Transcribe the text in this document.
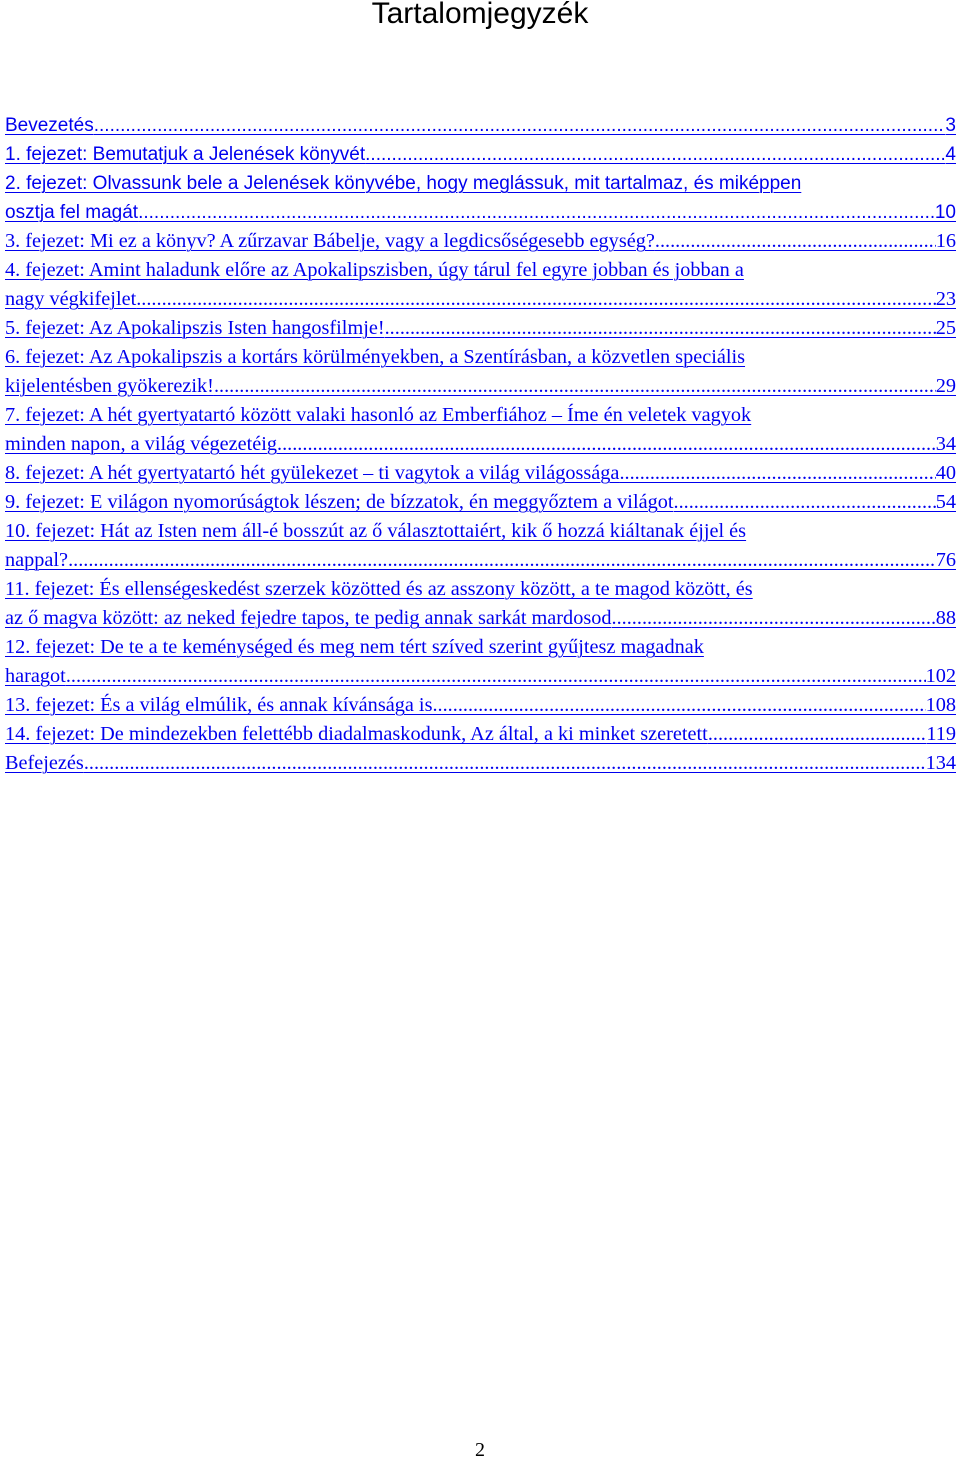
Tartalomjegyzék
Bevezetés .....	3
1. fejezet: Bemutatjuk a Jelenések könyvét .....	4
2. fejezet: Olvassunk bele a Jelenések könyvébe, hogy meglássuk, mit tartalmaz, és miképpen
osztja fel magát .....	10
3. fejezet: Mi ez a könyv? A zűrzavar Bábelje, vagy a legdicsőségesebb egység? .....	16
4. fejezet: Amint haladunk előre az Apokalipszisben, úgy tárul fel egyre jobban és jobban a
nagy végkifejlet .....	23
5. fejezet: Az Apokalipszis Isten hangosfilmje! .....	25
6. fejezet: Az Apokalipszis a kortárs körülményekben, a Szentírásban, a közvetlen speciális
kijelentésben gyökerezik! .....	29
7. fejezet: A hét gyertyatartó között valaki hasonló az Emberfiához – Íme én veletek vagyok
minden napon, a világ végezetéig .....	34
8. fejezet: A hét gyertyatartó hét gyülekezet – ti vagytok a világ világossága .....	40
9. fejezet: E világon nyomorúságtok lészen; de bízzatok, én meggyőztem a világot .....	54
10. fejezet: Hát az Isten nem áll-é bosszút az ő választottaiért, kik ő hozzá kiáltanak éjjel és
nappal? .....	76
11. fejezet: És ellenségeskedést szerzek közötted és az asszony között, a te magod között, és
az ő magva között: az neked fejedre tapos, te pedig annak sarkát mardosod .....	88
12. fejezet: De te a te keménységed és meg nem tért szíved szerint gyűjtesz magadnak
haragot .....	102
13. fejezet: És a világ elmúlik, és annak kívánsága is .....	108
14. fejezet: De mindezekben felettébb diadalmaskodunk, Az által, a ki minket szeretett .....	119
Befejezés .....	134
2
